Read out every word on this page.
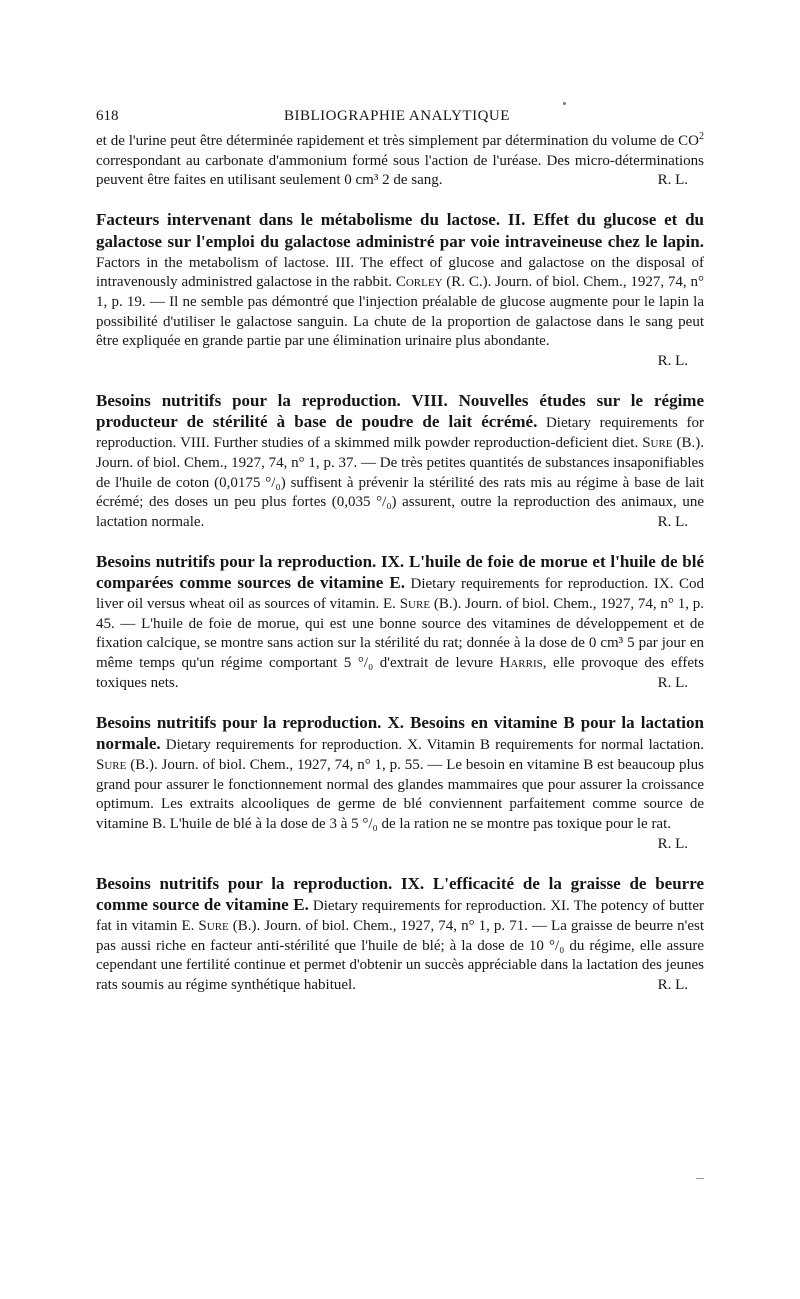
618	BIBLIOGRAPHIE ANALYTIQUE

et de l'urine peut être déterminée rapidement et très simplement par détermination du volume de $CO^2$ correspondant au carbonate d'ammonium formé sous l'action de l'uréase. Des micro-déterminations peuvent être faites en utilisant seulement 0 cm³ 2 de sang.	R. L.

Facteurs intervenant dans le métabolisme du lactose. II. Effet du glucose et du galactose sur l'emploi du galactose administré par voie intraveineuse chez le lapin. Factors in the metabolism of lactose. III. The effect of glucose and galactose on the disposal of intravenously administred galactose in the rabbit. Corley (R. C.). Journ. of biol. Chem., 1927, 74, n° 1, p. 19. — Il ne semble pas démontré que l'injection préalable de glucose augmente pour le lapin la possibilité d'utiliser le galactose sanguin. La chute de la proportion de galactose dans le sang peut être expliquée en grande partie par une élimination urinaire plus abondante.

R. L.

Besoins nutritifs pour la reproduction. VIII. Nouvelles études sur le régime producteur de stérilité à base de poudre de lait écrémé. Dietary requirements for reproduction. VIII. Further studies of a skimmed milk powder reproduction-deficient diet. Sure (B.). Journ. of biol. Chem., 1927, 74, n° 1, p. 37. — De très petites quantités de substances insaponifiables de l'huile de coton (0,0175 °/₀) suffisent à prévenir la stérilité des rats mis au régime à base de lait écrémé; des doses un peu plus fortes (0,035 °/₀) assurent, outre la reproduction des animaux, une lactation normale.	R. L.

Besoins nutritifs pour la reproduction. IX. L'huile de foie de morue et l'huile de blé comparées comme sources de vitamine E. Dietary requirements for reproduction. IX. Cod liver oil versus wheat oil as sources of vitamin. E. Sure (B.). Journ. of biol. Chem., 1927, 74, n° 1, p. 45. — L'huile de foie de morue, qui est une bonne source des vitamines de développement et de fixation calcique, se montre sans action sur la stérilité du rat; donnée à la dose de 0 cm³ 5 par jour en même temps qu'un régime comportant 5 °/₀ d'extrait de levure Harris, elle provoque des effets toxiques nets.	R. L.

Besoins nutritifs pour la reproduction. X. Besoins en vitamine B pour la lactation normale. Dietary requirements for reproduction. X. Vitamin B requirements for normal lactation. Sure (B.). Journ. of biol. Chem., 1927, 74, n° 1, p. 55. — Le besoin en vitamine B est beaucoup plus grand pour assurer le fonctionnement normal des glandes mammaires que pour assurer la croissance optimum. Les extraits alcooliques de germe de blé conviennent parfaitement comme source de vitamine B. L'huile de blé à la dose de 3 à 5 °/₀ de la ration ne se montre pas toxique pour le rat.

R. L.

Besoins nutritifs pour la reproduction. IX. L'efficacité de la graisse de beurre comme source de vitamine E. Dietary requirements for reproduction. XI. The potency of butter fat in vitamin E. Sure (B.). Journ. of biol. Chem., 1927, 74, n° 1, p. 71. — La graisse de beurre n'est pas aussi riche en facteur anti-stérilité que l'huile de blé; à la dose de 10 °/₀ du régime, elle assure cependant une fertilité continue et permet d'obtenir un succès appréciable dans la lactation des jeunes rats soumis au régime synthétique habituel.	R. L.
